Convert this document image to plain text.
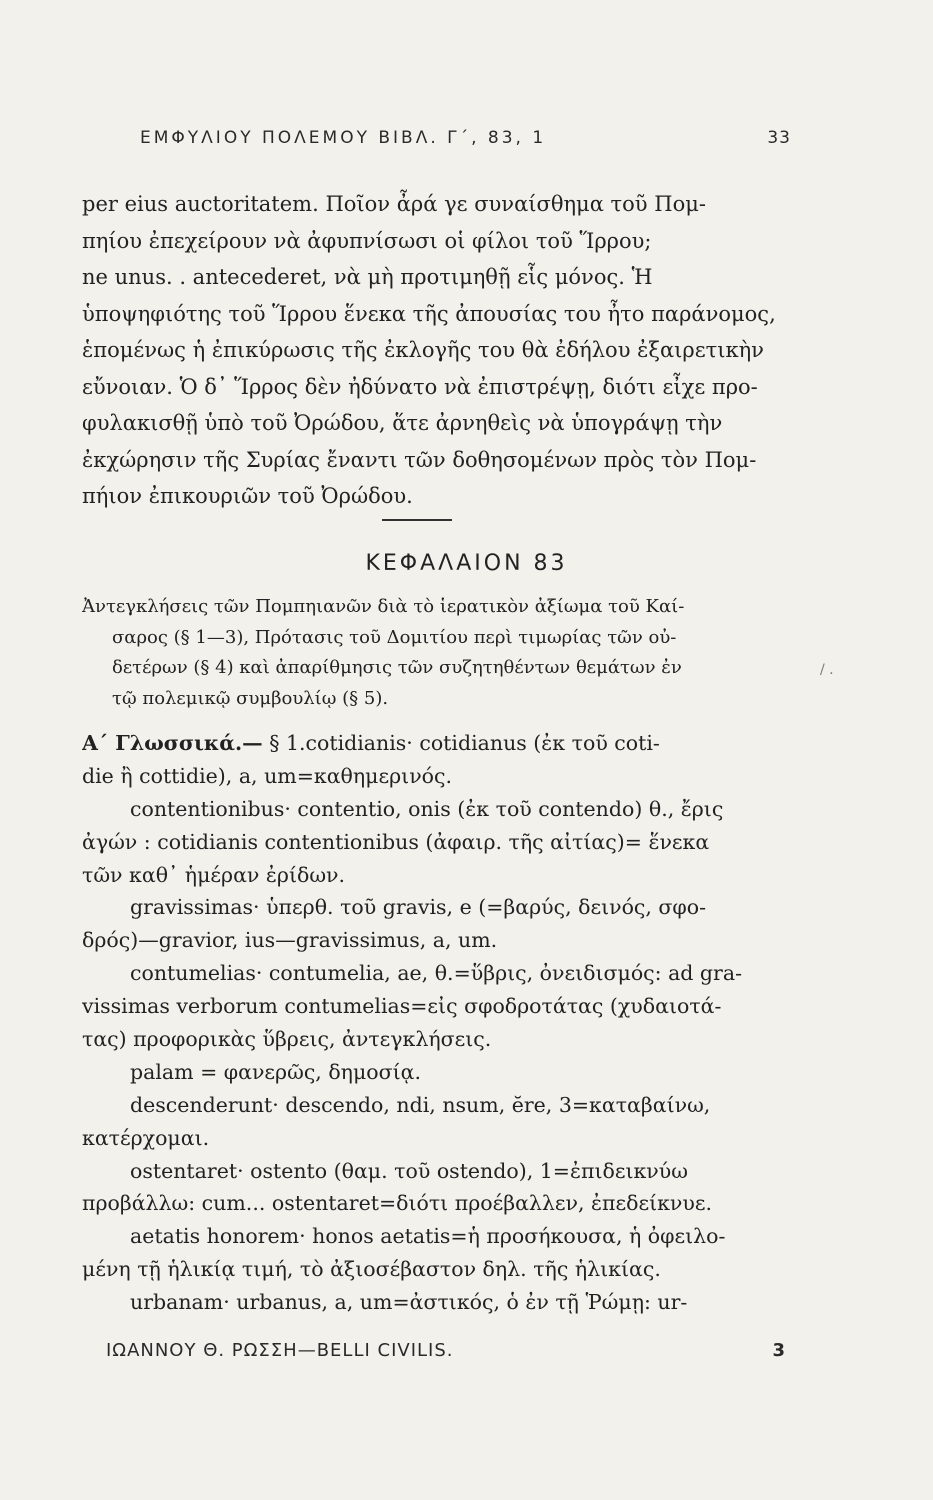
ΕΜΦΥΛΙΟΥ ΠΟΛΕΜΟΥ ΒΙΒΛ. Γ΄, 83, 1	33
per eius auctoritatem. Ποῖον ἆρά γε συναίσθημα τοῦ Πομ-
πηίου ἐπεχείρουν νὰ ἀφυπνίσωσι οἱ φίλοι τοῦ Ἵρρου;
ne unus. . antecederet, νὰ μὴ προτιμηθῇ εἷς μόνος. Ἡ
ὑποψηφιότης τοῦ Ἵρρου ἕνεκα τῆς ἀπουσίας του ἦτο παράνομος,
ἑπομένως ἡ ἐπικύρωσις τῆς ἐκλογῆς του θὰ ἐδήλου ἐξαιρετικὴν
εὔνοιαν. Ὁ δ᾽ Ἵρρος δὲν ἠδύνατο νὰ ἐπιστρέψῃ, διότι εἶχε προ-
φυλακισθῇ ὑπὸ τοῦ Ὀρώδου, ἅτε ἀρνηθεὶς νὰ ὑπογράψῃ τὴν
ἐκχώρησιν τῆς Συρίας ἔναντι τῶν δοθησομένων πρὸς τὸν Πομ-
πήιον ἐπικουριῶν τοῦ Ὀρώδου.
ΚΕΦΑΛΑΙΟΝ 83
Ἀντεγκλήσεις τῶν Πομπηιανῶν διὰ τὸ ἱερατικὸν ἀξίωμα τοῦ Καί-
σαρος (§ 1—3), Πρότασις τοῦ Δομιτίου περὶ τιμωρίας τῶν οὐ-
δετέρων (§ 4) καὶ ἀπαρίθμησις τῶν συζητηθέντων θεμάτων ἐν
τῷ πολεμικῷ συμβουλίῳ (§ 5).
/ .
Α΄ Γλωσσικά.— § 1.cotidianis· cotidianus (ἐκ τοῦ coti-
die ἢ cottidie), a, um=καθημερινός.
contentionibus· contentio, onis (ἐκ τοῦ contendo) θ., ἔρις
ἀγών : cotidianis contentionibus (ἀφαιρ. τῆς αἰτίας)= ἕνεκα
τῶν καθ᾽ ἡμέραν ἐρίδων.
gravissimas· ὑπερθ. τοῦ gravis, e (=βαρύς, δεινός, σφο-
δρός)—gravior, ius—gravissimus, a, um.
contumelias· contumelia, ae, θ.=ὕβρις, ὀνειδισμός: ad gra-
vissimas verborum contumelias=εἰς σφοδροτάτας (χυδαιοτά-
τας) προφορικὰς ὕβρεις, ἀντεγκλήσεις.
palam = φανερῶς, δημοσίᾳ.
descenderunt· descendo, ndi, nsum, ĕre, 3=καταβαίνω,
κατέρχομαι.
ostentaret· ostento (θαμ. τοῦ ostendo), 1=ἐπιδεικνύω
προβάλλω: cum... ostentaret=διότι προέβαλλεν, ἐπεδείκνυε.
aetatis honorem· honos aetatis=ἡ προσήκουσα, ἡ ὀφειλο-
μένη τῇ ἡλικίᾳ τιμή, τὸ ἀξιοσέβαστον δηλ. τῆς ἡλικίας.
urbanam· urbanus, a, um=ἀστικός, ὁ ἐν τῇ Ῥώμῃ: ur-
ΙΩΑΝΝΟΥ Θ. ΡΩΣΣΗ—BELLI CIVILIS.	3
